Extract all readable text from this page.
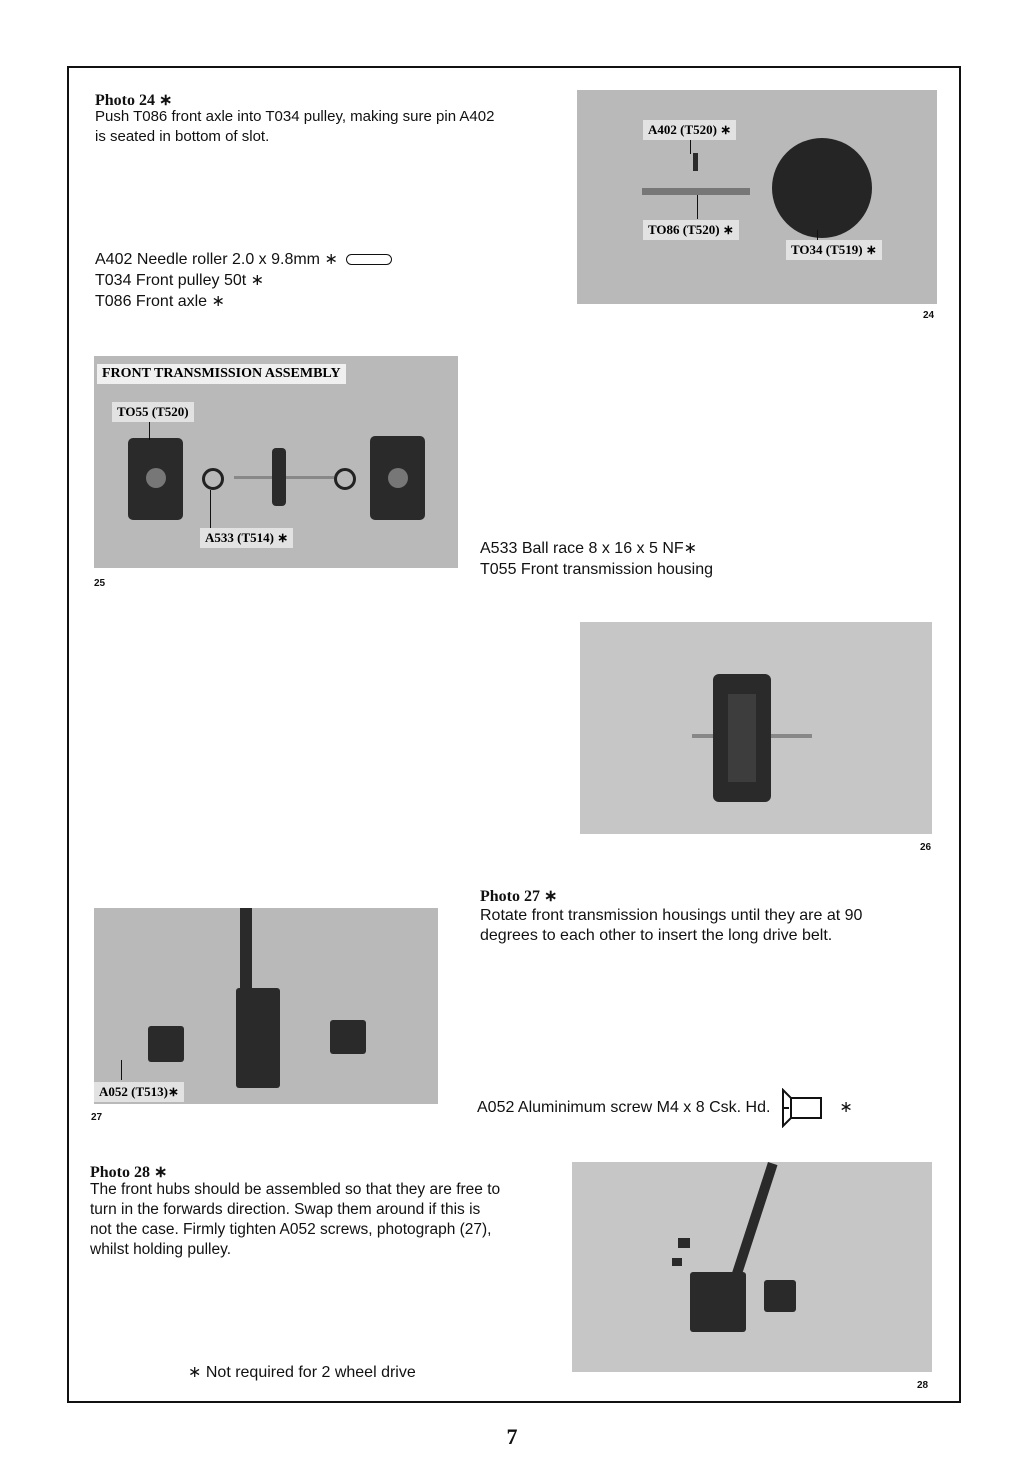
Photo 24 ∗
Push T086 front axle into T034 pulley, making sure pin A402 is seated in bottom of slot.
A402 Needle roller 2.0 x 9.8mm ∗
T034 Front pulley 50t ∗
T086 Front axle ∗
A402 (T520) ∗
TO86 (T520) ∗
TO34 (T519) ∗
24
FRONT TRANSMISSION ASSEMBLY
TO55 (T520)
A533 (T514) ∗
25
A533 Ball race 8 x 16 x 5 NF∗
T055 Front transmission housing
26
Photo 27 ∗
Rotate front transmission housings until they are at 90 degrees to each other to insert the long drive belt.
A052 (T513)∗
27
A052 Aluminimum screw M4 x 8 Csk. Hd.	∗
Photo 28 ∗
The front hubs should be assembled so that they are free to turn in the forwards direction. Swap them around if this is not the case. Firmly tighten A052 screws, photograph (27), whilst holding pulley.
28
∗ Not required for 2 wheel drive
7
